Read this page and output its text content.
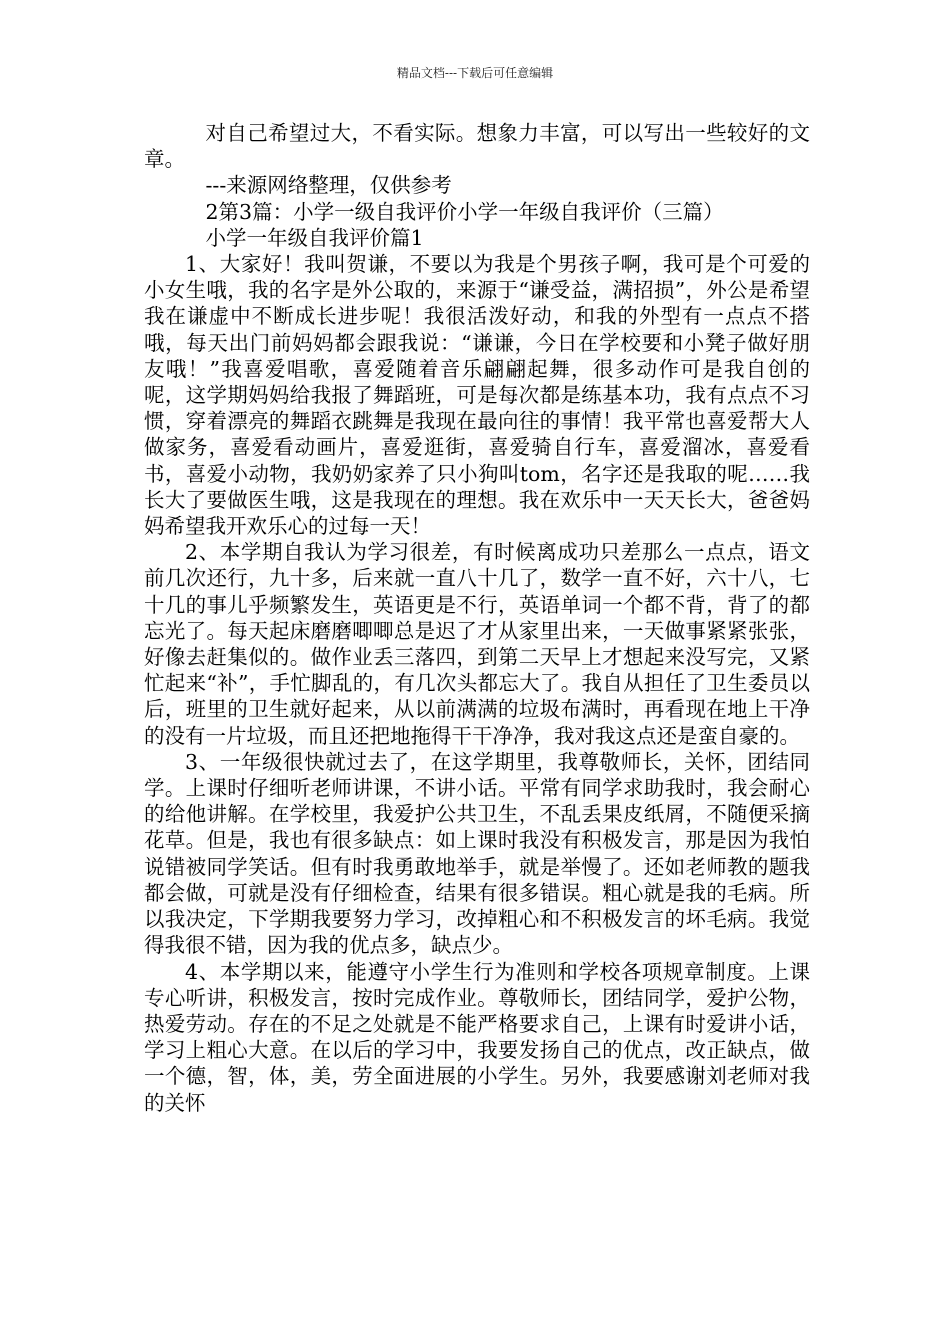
精品文档---下载后可任意编辑

对自己希望过大，不看实际。想象力丰富，可以写出一些较好的文章。

---来源网络整理，仅供参考

2第3篇：小学一级自我评价小学一年级自我评价（三篇）

小学一年级自我评价篇1

1、大家好！我叫贺谦，不要以为我是个男孩子啊，我可是个可爱的小女生哦，我的名字是外公取的，来源于“谦受益，满招损”，外公是希望我在谦虚中不断成长进步呢！我很活泼好动，和我的外型有一点点不搭哦，每天出门前妈妈都会跟我说：“谦谦，今日在学校要和小凳子做好朋友哦！”我喜爱唱歌，喜爱随着音乐翩翩起舞，很多动作可是我自创的呢，这学期妈妈给我报了舞蹈班，可是每次都是练基本功，我有点点不习惯，穿着漂亮的舞蹈衣跳舞是我现在最向往的事情！我平常也喜爱帮大人做家务，喜爱看动画片，喜爱逛街，喜爱骑自行车，喜爱溜冰，喜爱看书，喜爱小动物，我奶奶家养了只小狗叫tom，名字还是我取的呢……我长大了要做医生哦，这是我现在的理想。我在欢乐中一天天长大，爸爸妈妈希望我开欢乐心的过每一天！

2、本学期自我认为学习很差，有时候离成功只差那么一点点，语文前几次还行，九十多，后来就一直八十几了，数学一直不好，六十八，七十几的事儿乎频繁发生，英语更是不行，英语单词一个都不背，背了的都忘光了。每天起床磨磨唧唧总是迟了才从家里出来，一天做事紧紧张张，好像去赶集似的。做作业丢三落四，到第二天早上才想起来没写完，又紧忙起来“补”，手忙脚乱的，有几次头都忘大了。我自从担任了卫生委员以后，班里的卫生就好起来，从以前满满的垃圾布满时，再看现在地上干净的没有一片垃圾，而且还把地拖得干干净净，我对我这点还是蛮自豪的。

3、一年级很快就过去了，在这学期里，我尊敬师长，关怀，团结同学。上课时仔细听老师讲课，不讲小话。平常有同学求助我时，我会耐心的给他讲解。在学校里，我爱护公共卫生，不乱丢果皮纸屑，不随便采摘花草。但是，我也有很多缺点：如上课时我没有积极发言，那是因为我怕说错被同学笑话。但有时我勇敢地举手，就是举慢了。还如老师教的题我都会做，可就是没有仔细检查，结果有很多错误。粗心就是我的毛病。所以我决定，下学期我要努力学习，改掉粗心和不积极发言的坏毛病。我觉得我很不错，因为我的优点多，缺点少。

4、本学期以来，能遵守小学生行为准则和学校各项规章制度。上课专心听讲，积极发言，按时完成作业。尊敬师长，团结同学，爱护公物，热爱劳动。存在的不足之处就是不能严格要求自己，上课有时爱讲小话，学习上粗心大意。在以后的学习中，我要发扬自己的优点，改正缺点，做一个德，智，体，美，劳全面进展的小学生。另外，我要感谢刘老师对我的关怀
